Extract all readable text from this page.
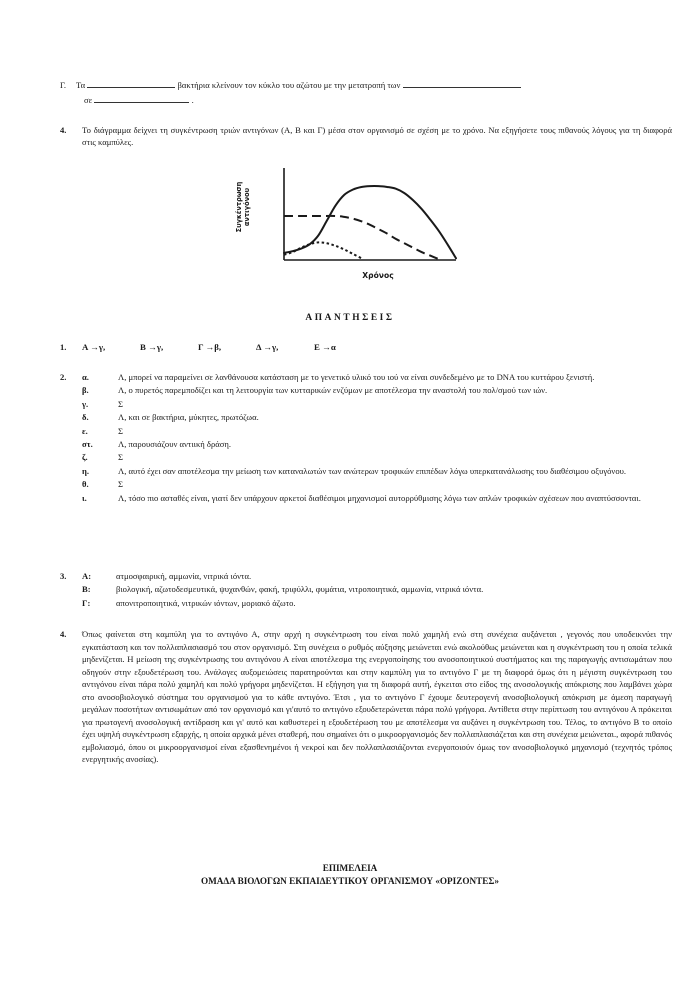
Γ. Τα	βακτήρια κλείνουν τον κύκλο του αζώτου με την μετατροπή των
σε	.
4.	Το διάγραμμα δείχνει τη συγκέντρωση τριών αντιγόνων (Α, Β και Γ) μέσα στον οργανισμό σε σχέση με το χρόνο. Να εξηγήσετε τους πιθανούς λόγους για τη διαφορά στις καμπύλες.
Συγκέντρωση αντιγόνου
Χρόνος
ΑΠΑΝΤΗΣΕΙΣ
1.	Α →γ,	Β →γ,	Γ →β,	Δ →γ,	Ε →α
2.	α.	Λ, μπορεί να παραμείνει σε λανθάνουσα κατάσταση με το γενετικό υλικό του ιού να είναι συνδεδεμένο με το DNA του κυττάρου ξενιστή.
β.	Λ, ο πυρετός παρεμποδίζει και τη λειτουργία των κυτταρικών ενζύμων με αποτέλεσμα την αναστολή του πολ/σμού των ιών.
γ.	Σ
δ.	Λ, και σε βακτήρια, μύκητες, πρωτόζωα.
ε.	Σ
στ.	Λ, παρουσιάζουν αντιική δράση.
ζ.	Σ
η.	Λ, αυτό έχει σαν αποτέλεσμα την μείωση των καταναλωτών των ανώτερων τροφικών επιπέδων λόγω υπερκατανάλωσης του διαθέσιμου οξυγόνου.
θ.	Σ
ι.	Λ, τόσο πιο ασταθές είναι, γιατί δεν υπάρχουν αρκετοί διαθέσιμοι μηχανισμοί αυτορρύθμισης λόγω των απλών τροφικών σχέσεων που αναπτύσσονται.
3.	Α:	ατμοσφαιρική, αμμωνία, νιτρικά ιόντα.
Β:	βιολογική, αζωτοδεσμευτικά, ψυχανθών, φακή, τριφύλλι, φυμάτια, νιτροποιητικά, αμμωνία, νιτρικά ιόντα.
Γ:	απονιτροποιητικά, νιτρικών ιόντων, μοριακό άζωτο.
4.	Όπως φαίνεται στη καμπύλη για το αντιγόνο Α, στην αρχή η συγκέντρωση του είναι πολύ χαμηλή ενώ στη συνέχεια αυξάνεται , γεγονός που υποδεικνύει την εγκατάσταση και τον πολλαπλασιασμό του στον οργανισμό. Στη συνέχεια ο ρυθμός αύξησης μειώνεται ενώ ακολούθως μειώνεται και η συγκέντρωση του η οποία τελικά μηδενίζεται. Η μείωση της συγκέντρωσης του αντιγόνου Α είναι αποτέλεσμα της ενεργοποίησης του ανοσοποιητικού συστήματος και της παραγωγής αντισωμάτων που οδηγούν στην εξουδετέρωση του. Ανάλογες αυξομειώσεις παρατηρούνται και στην καμπύλη για το αντιγόνο Γ με τη διαφορά όμως ότι η μέγιστη συγκέντρωση του αντιγόνου είναι πάρα πολύ χαμηλή και πολύ γρήγορα μηδενίζεται. Η εξήγηση για τη διαφορά αυτή, έγκειται στο είδος της ανοσολογικής απόκρισης που λαμβάνει χώρα στο ανοσοβιολογικό σύστημα του οργανισμού για το κάθε αντιγόνο. Έτσι , για το αντιγόνο Γ έχουμε δευτερογενή ανοσοβιολογική απόκριση με άμεση παραγωγή μεγάλων ποσοτήτων αντισωμάτων από τον οργανισμό και γι'αυτό το αντιγόνο εξουδετερώνεται πάρα πολύ γρήγορα. Αντίθετα στην περίπτωση του αντιγόνου Α πρόκειται για πρωτογενή ανοσολογική αντίδραση και γι' αυτό και καθυστερεί η εξουδετέρωση του με αποτέλεσμα να αυξάνει η συγκέντρωση του. Τέλος, το αντιγόνο Β το οποίο έχει υψηλή συγκέντρωση εξαρχής, η οποία αρχικά μένει σταθερή, που σημαίνει ότι ο μικροοργανισμός δεν πολλαπλασιάζεται και στη συνέχεια μειώνεται., αφορά πιθανός εμβολιασμό, όπου οι μικροοργανισμοί είναι εξασθενημένοι ή νεκροί και δεν πολλαπλασιάζονται ενεργοποιούν όμως τον ανοσοβιολογικό μηχανισμό (τεχνητός τρόπος ενεργητικής ανοσίας).
ΕΠΙΜΕΛΕΙΑ
ΟΜΑΔΑ ΒΙΟΛΟΓΩΝ ΕΚΠΑΙΔΕΥΤΙΚΟΥ ΟΡΓΑΝΙΣΜΟΥ «ΟΡΙΖΟΝΤΕΣ»
